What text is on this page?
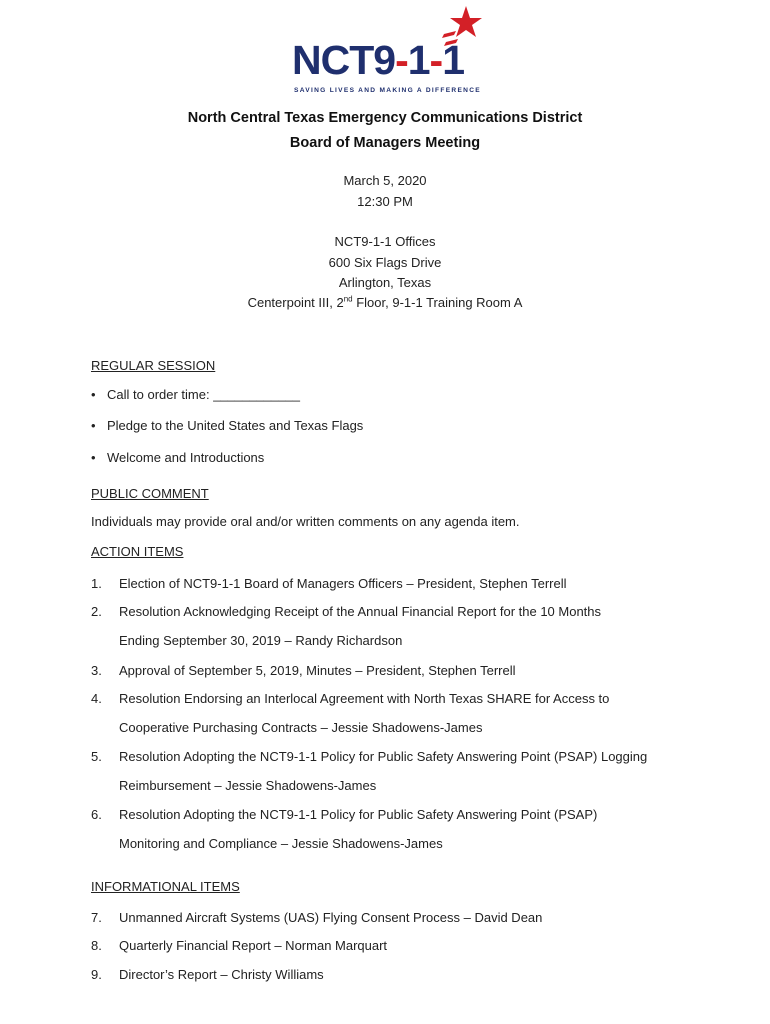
NCT9-1-1
SAVING LIVES AND MAKING A DIFFERENCE
North Central Texas Emergency Communications District
Board of Managers Meeting
March 5, 2020
12:30 PM
NCT9-1-1 Offices
600 Six Flags Drive
Arlington, Texas
Centerpoint III, 2nd Floor, 9-1-1 Training Room A
REGULAR SESSION
• Call to order time: ____________
• Pledge to the United States and Texas Flags
• Welcome and Introductions
PUBLIC COMMENT
Individuals may provide oral and/or written comments on any agenda item.
ACTION ITEMS
1. Election of NCT9-1-1 Board of Managers Officers – President, Stephen Terrell
2. Resolution Acknowledging Receipt of the Annual Financial Report for the 10 Months
Ending September 30, 2019 – Randy Richardson
3. Approval of September 5, 2019, Minutes – President, Stephen Terrell
4. Resolution Endorsing an Interlocal Agreement with North Texas SHARE for Access to
Cooperative Purchasing Contracts – Jessie Shadowens-James
5. Resolution Adopting the NCT9-1-1 Policy for Public Safety Answering Point (PSAP) Logging
Reimbursement – Jessie Shadowens-James
6. Resolution Adopting the NCT9-1-1 Policy for Public Safety Answering Point (PSAP)
Monitoring and Compliance – Jessie Shadowens-James
INFORMATIONAL ITEMS
7. Unmanned Aircraft Systems (UAS) Flying Consent Process – David Dean
8. Quarterly Financial Report – Norman Marquart
9. Director’s Report – Christy Williams
